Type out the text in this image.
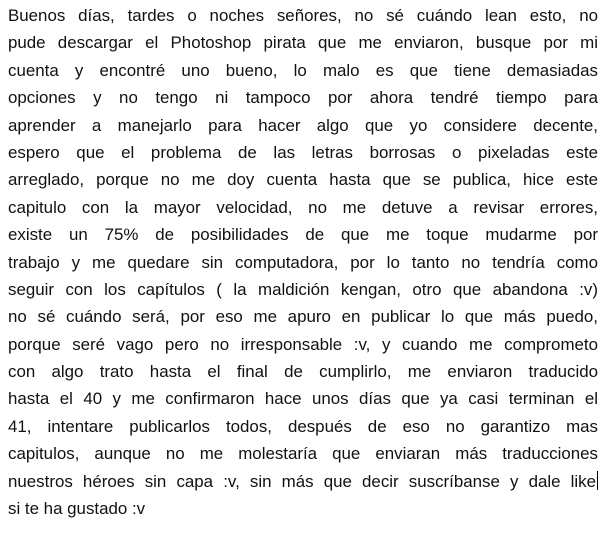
Buenos días, tardes o noches señores, no sé cuándo lean esto, no
pude descargar el Photoshop pirata que me enviaron, busque por mi
cuenta y encontré uno bueno, lo malo es que tiene demasiadas
opciones y no tengo ni tampoco por ahora tendré tiempo para
aprender a manejarlo para hacer algo que yo considere decente,
espero que el problema de las letras borrosas o pixeladas este
arreglado, porque no me doy cuenta hasta que se publica, hice este
capitulo con la mayor velocidad, no me detuve a revisar errores,
existe un 75% de posibilidades de que me toque mudarme por
trabajo y me quedare sin computadora, por lo tanto no tendría como
seguir con los capítulos ( la maldición kengan, otro que abandona :v)
no sé cuándo será, por eso me apuro en publicar lo que más puedo,
porque seré vago pero no irresponsable :v, y cuando me comprometo
con algo trato hasta el final de cumplirlo, me enviaron traducido
hasta el 40 y me confirmaron hace unos días que ya casi terminan el
41, intentare publicarlos todos, después de eso no garantizo mas
capitulos, aunque no me molestaría que enviaran más traducciones
nuestros héroes sin capa :v, sin más que decir suscríbanse y dale like
si te ha gustado :v
